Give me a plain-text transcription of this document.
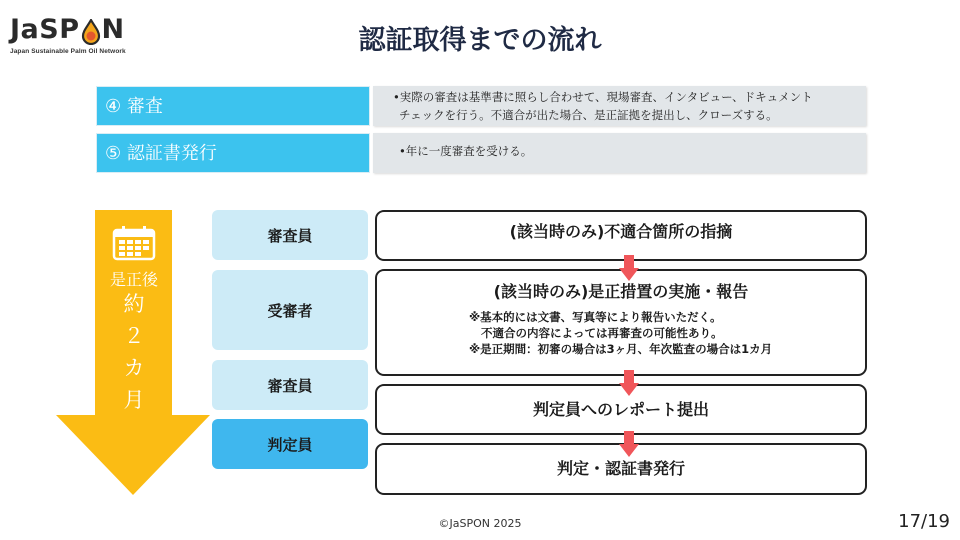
Ja SP N
Japan Sustainable Palm Oil Network	認証取得までの流れ
④ 審査	•実際の審査は基準書に照らし合わせて、現場審査、インタビュー、ドキュメント
チェックを行う。不適合が出た場合、是正証拠を提出し、クローズする。
⑤ 認証書発行	•年に一度審査を受ける。
是正後
約
２
カ
月
審査員
受審者
審査員
判定員
(該当時のみ)不適合箇所の指摘
(該当時のみ)是正措置の実施・報告
※基本的には文書、写真等により報告いただく。
不適合の内容によっては再審査の可能性あり。
※是正期間：初審の場合は3ヶ月、年次監査の場合は1カ月
判定員へのレポート提出
判定・認証書発行
©JaSPON 2025	17/19
